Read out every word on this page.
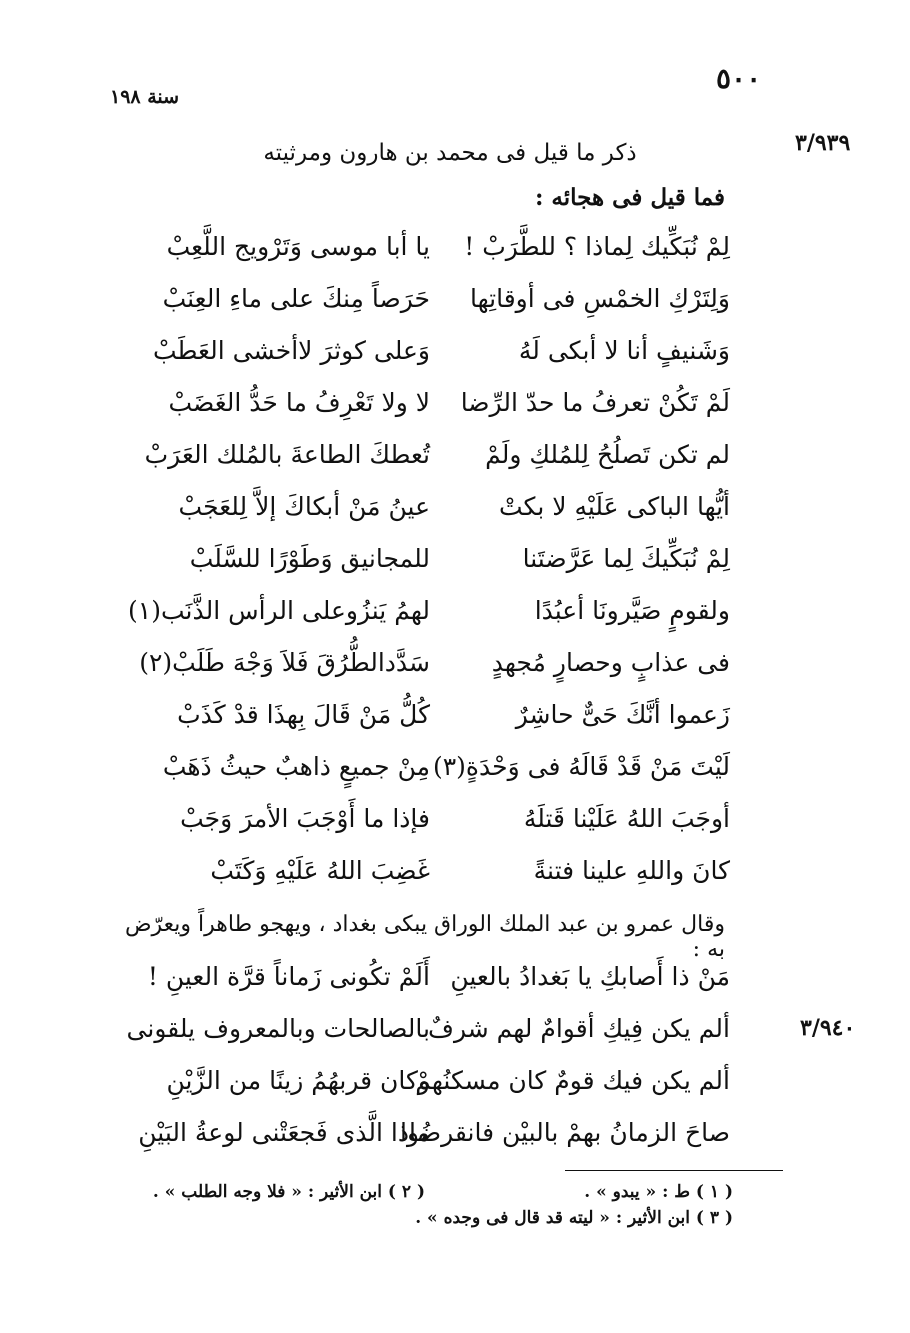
٥٠٠
سنة ١٩٨
٣/٩٣٩
٣/٩٤٠
ذكر ما قيل فى محمد بن هارون ومرثيته
فما قيل فى هجائه :
لِمْ نُبَكِّيك لِماذا ؟ للطَّرَبْ !
يا أبا موسى وَتَرْويج اللَّعِبْ
وَلِتَرْكِ الخمْسِ فى أوقاتِها
حَرَصاً مِنكَ على ماءِ العِنَبْ
وَشَنيفٍ أنا لا أبكى لَهُ
وَعلى كوثرَ لاأخشى العَطَبْ
لَمْ تَكُنْ تعرفُ ما حدّ الرِّضا
لا ولا تَعْرِفُ ما حَدُّ الغَضَبْ
لم تكن تَصلُحُ لِلمُلكِ ولَمْ
تُعطكَ الطاعةَ بالمُلك العَرَبْ
أيُّها الباكى عَلَيْهِ لا بكتْ
عينُ مَنْ أبكاكَ إلاَّ لِلعَجَبْ
لِمْ نُبَكِّيكَ لِما عَرَّضتَنا
للمجانيق وَطَوْرًا للسَّلَبْ
ولقومٍ صَيَّرونَا أعبُدًا
لهمُ يَنزُوعلى الرأس الذَّنَب(١)
فى عذابٍ وحصارٍ مُجهدٍ
سَدَّدالطُّرُقَ فَلاَ وَجْهَ طَلَبْ(٢)
زَعموا أنَّكَ حَىٌّ حاشِرٌ
كُلُّ مَنْ قَالَ بِهذَا قدْ كَذَبْ
لَيْتَ مَنْ قَدْ قَالَهُ فى وَحْدَةٍ(٣)
مِنْ جميعٍ ذاهبٌ حيثُ ذَهَبْ
أوجَبَ اللهُ عَلَيْنا قَتلَهُ
فإذا ما أَوْجَبَ الأمرَ وَجَبْ
كانَ واللهِ علينا فتنةً
غَضِبَ اللهُ عَلَيْهِ وَكَتَبْ
وقال عمرو بن عبد الملك الوراق يبكى بغداد ، ويهجو طاهراً ويعرّض به :
مَنْ ذا أَصابكِ يا بَغدادُ بالعينِ
أَلَمْ تكُونى زَماناً قرَّة العينِ !
ألم يكن فِيكِ أقوامٌ لهم شرفٌ
بالصالحات وبالمعروف يلقونى
ألم يكن فيك قومٌ كان مسكنُهمْ
وكان قربهُمُ زينًا من الزَّيْنِ
صاحَ الزمانُ بهمْ بالبيْن فانقرضُوا
ماذا الَّذى فَجعَتْنى لوعةُ البَيْنِ
( ١ ) ط : « يبدو » .
( ٢ ) ابن الأثير : « فلا وجه الطلب » .
( ٣ ) ابن الأثير : « ليته قد قال فى وجده » .
